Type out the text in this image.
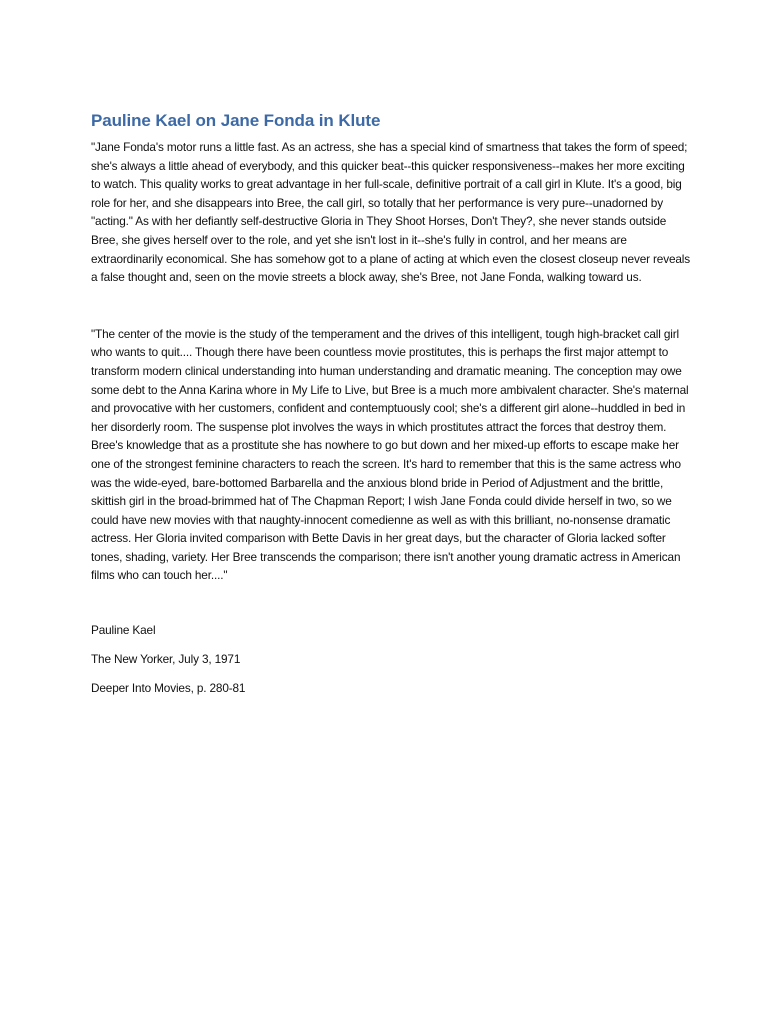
Pauline Kael on Jane Fonda in Klute

"Jane Fonda's motor runs a little fast. As an actress, she has a special kind of smartness that takes the form of speed; she's always a little ahead of everybody, and this quicker beat--this quicker responsiveness--makes her more exciting to watch. This quality works to great advantage in her full-scale, definitive portrait of a call girl in Klute. It's a good, big role for her, and she disappears into Bree, the call girl, so totally that her performance is very pure--unadorned by "acting." As with her defiantly self-destructive Gloria in They Shoot Horses, Don't They?, she never stands outside Bree, she gives herself over to the role, and yet she isn't lost in it--she's fully in control, and her means are extraordinarily economical. She has somehow got to a plane of acting at which even the closest closeup never reveals a false thought and, seen on the movie streets a block away, she's Bree, not Jane Fonda, walking toward us.

"The center of the movie is the study of the temperament and the drives of this intelligent, tough high-bracket call girl who wants to quit.... Though there have been countless movie prostitutes, this is perhaps the first major attempt to transform modern clinical understanding into human understanding and dramatic meaning. The conception may owe some debt to the Anna Karina whore in My Life to Live, but Bree is a much more ambivalent character. She's maternal and provocative with her customers, confident and contemptuously cool; she's a different girl alone--huddled in bed in her disorderly room. The suspense plot involves the ways in which prostitutes attract the forces that destroy them. Bree's knowledge that as a prostitute she has nowhere to go but down and her mixed-up efforts to escape make her one of the strongest feminine characters to reach the screen. It's hard to remember that this is the same actress who was the wide-eyed, bare-bottomed Barbarella and the anxious blond bride in Period of Adjustment and the brittle, skittish girl in the broad-brimmed hat of The Chapman Report; I wish Jane Fonda could divide herself in two, so we could have new movies with that naughty-innocent comedienne as well as with this brilliant, no-nonsense dramatic actress. Her Gloria invited comparison with Bette Davis in her great days, but the character of Gloria lacked softer tones, shading, variety. Her Bree transcends the comparison; there isn't another young dramatic actress in American films who can touch her...."

Pauline Kael

The New Yorker, July 3, 1971

Deeper Into Movies, p. 280-81
